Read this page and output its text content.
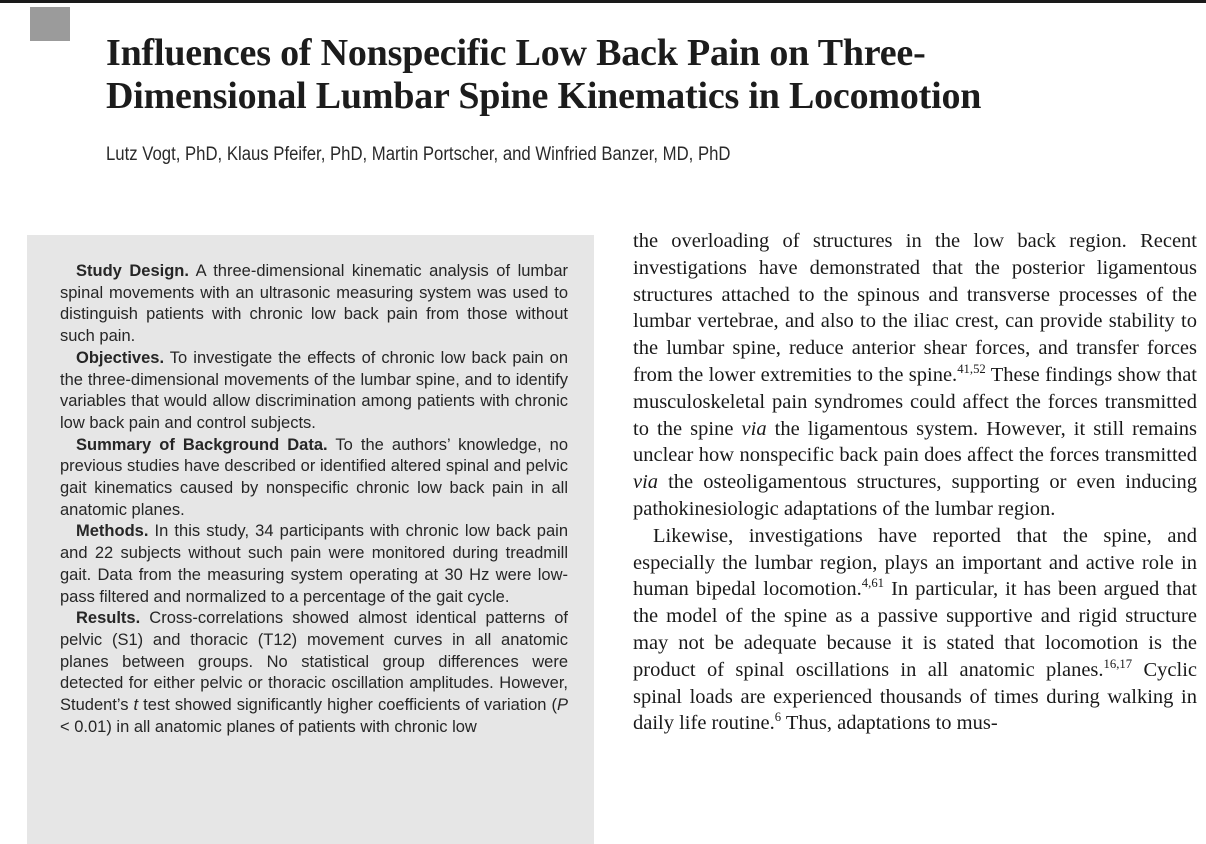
Influences of Nonspecific Low Back Pain on Three-
Dimensional Lumbar Spine Kinematics in Locomotion
Lutz Vogt, PhD, Klaus Pfeifer, PhD, Martin Portscher, and Winfried Banzer, MD, PhD

Study Design. A three-dimensional kinematic analysis of lumbar spinal movements with an ultrasonic measuring system was used to distinguish patients with chronic low back pain from those without such pain.

Objectives. To investigate the effects of chronic low back pain on the three-dimensional movements of the lumbar spine, and to identify variables that would allow discrimination among patients with chronic low back pain and control subjects.

Summary of Background Data. To the authors’ knowledge, no previous studies have described or identified altered spinal and pelvic gait kinematics caused by nonspecific chronic low back pain in all anatomic planes.

Methods. In this study, 34 participants with chronic low back pain and 22 subjects without such pain were monitored during treadmill gait. Data from the measuring system operating at 30 Hz were low-pass filtered and normalized to a percentage of the gait cycle.

Results. Cross-correlations showed almost identical patterns of pelvic (S1) and thoracic (T12) movement curves in all anatomic planes between groups. No statistical group differences were detected for either pelvic or thoracic oscillation amplitudes. However, Student’s t test showed significantly higher coefficients of variation (P < 0.01) in all anatomic planes of patients with chronic low

the overloading of structures in the low back region. Recent investigations have demonstrated that the posterior ligamentous structures attached to the spinous and transverse processes of the lumbar vertebrae, and also to the iliac crest, can provide stability to the lumbar spine, reduce anterior shear forces, and transfer forces from the lower extremities to the spine.$^{41,52}$ These findings show that musculoskeletal pain syndromes could affect the forces transmitted to the spine via the ligamentous system. However, it still remains unclear how nonspecific back pain does affect the forces transmitted via the osteoligamentous structures, supporting or even inducing pathokinesiologic adaptations of the lumbar region.

Likewise, investigations have reported that the spine, and especially the lumbar region, plays an important and active role in human bipedal locomotion.$^{4,61}$ In particular, it has been argued that the model of the spine as a passive supportive and rigid structure may not be adequate because it is stated that locomotion is the product of spinal oscillations in all anatomic planes.$^{16,17}$ Cyclic spinal loads are experienced thousands of times during walking in daily life routine.$^6$ Thus, adaptations to mus-
